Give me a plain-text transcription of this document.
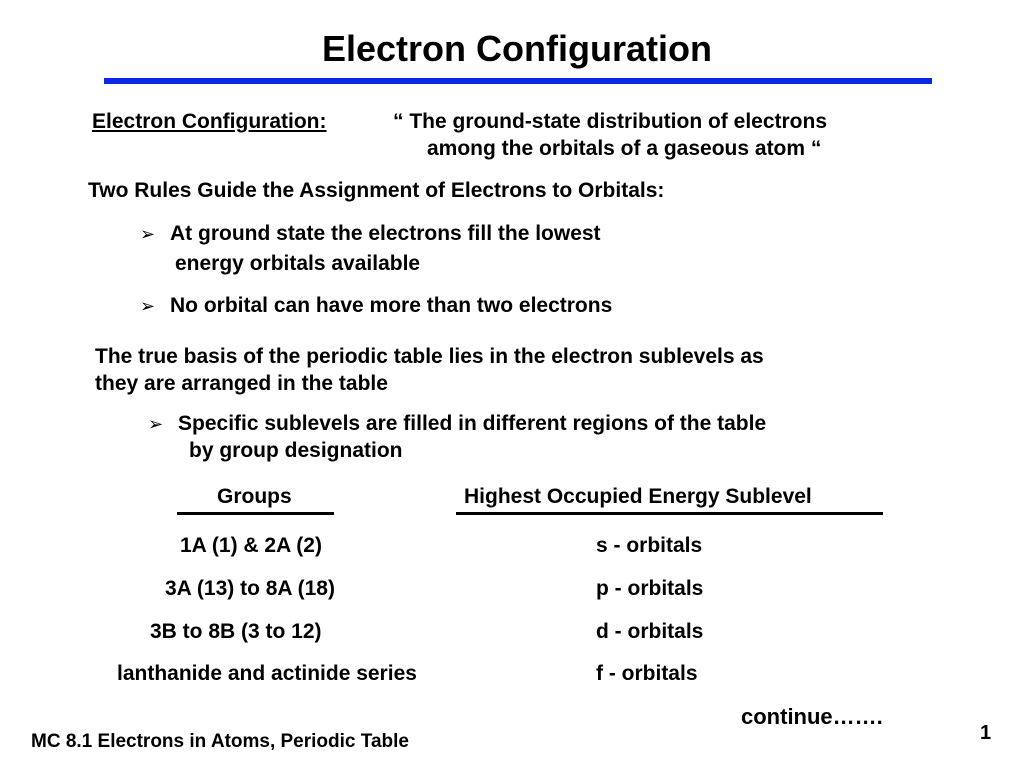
Electron Configuration
Electron Configuration:	“ The ground-state distribution of electrons
among the orbitals of a gaseous atom “
Two Rules Guide the Assignment of Electrons to Orbitals:
➢ At ground state the electrons fill the lowest
energy orbitals available
➢ No orbital can have more than two electrons
The true basis of the periodic table lies in the electron sublevels as
they are arranged in the table
➢ Specific sublevels are filled in different regions of the table
by group designation
Groups	Highest Occupied Energy Sublevel
1A (1) & 2A (2)	s - orbitals
3A (13) to 8A (18)	p - orbitals
3B to 8B (3 to 12)	d - orbitals
lanthanide and actinide series	f - orbitals
continue…….
MC 8.1 Electrons in Atoms, Periodic Table	1
